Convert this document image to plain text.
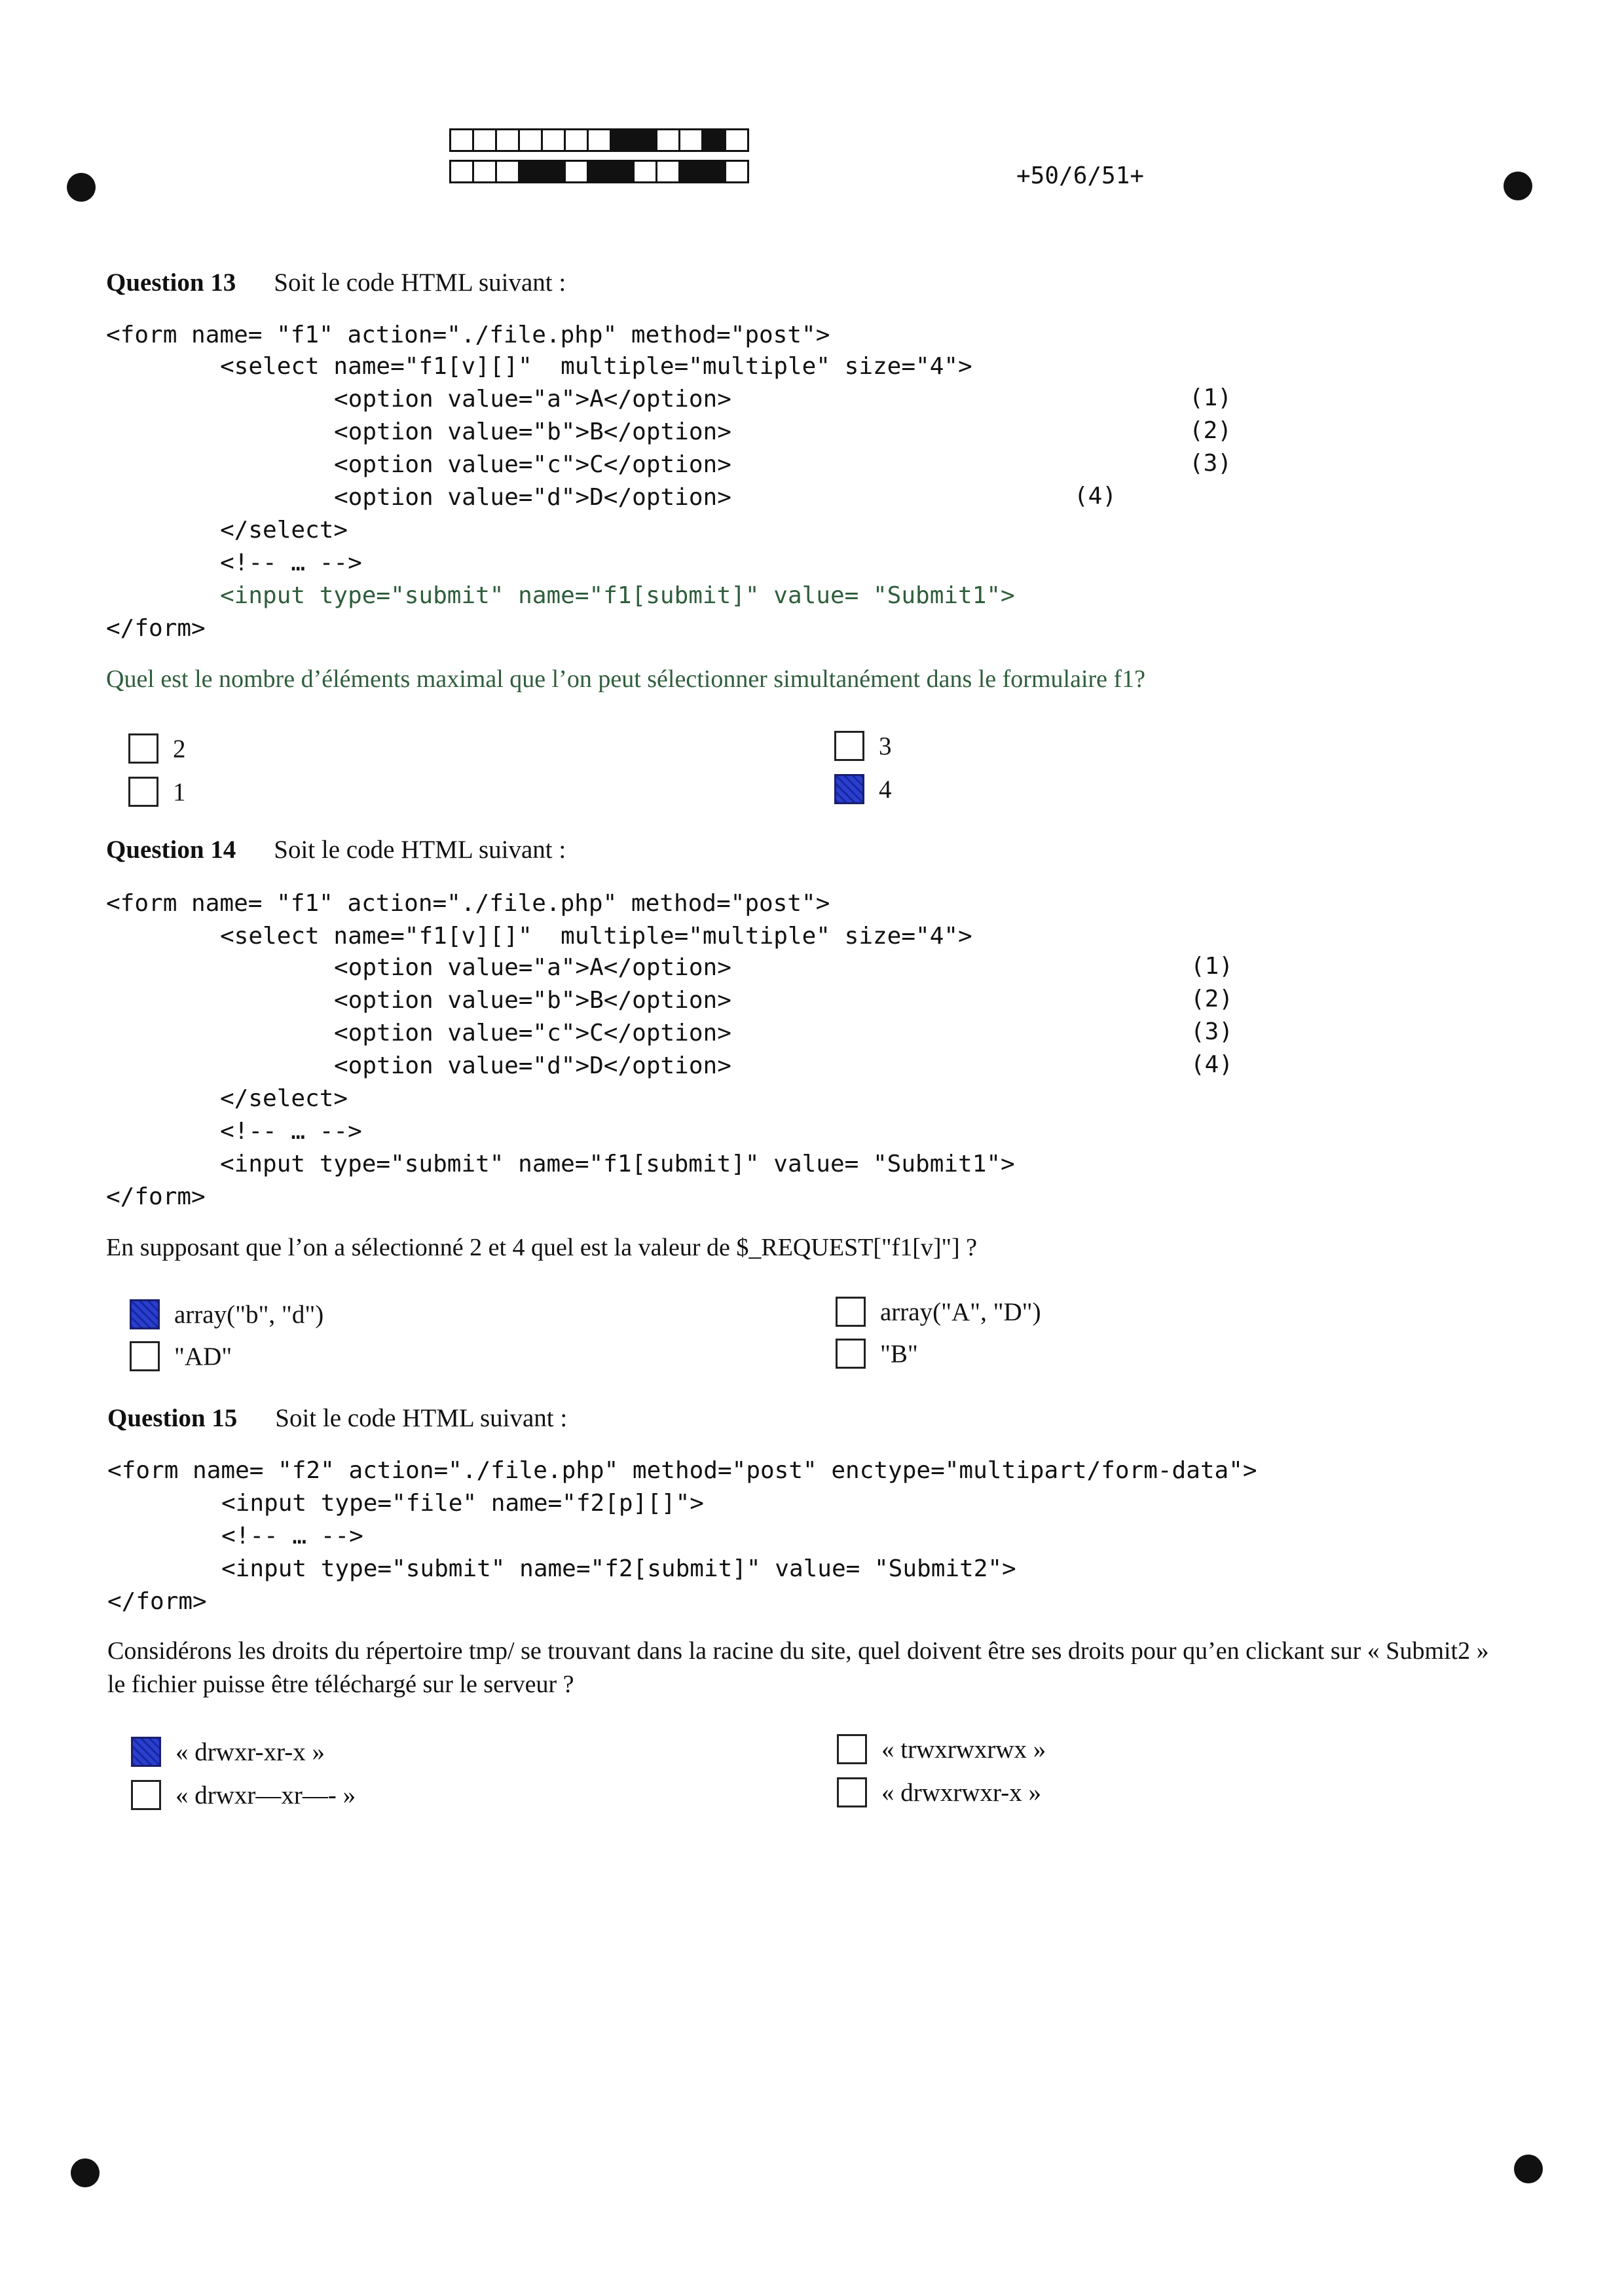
+50/6/51+
Question 13 Soit le code HTML suivant :
<form name= "f1" action="./file.php" method="post">
<select name="f1[v][]"  multiple="multiple" size="4">
<option value="a">A</option>
<option value="b">B</option>
<option value="c">C</option>
<option value="d">D</option>
</select>
<!-- … -->
<input type="submit" name="f1[submit]" value= "Submit1">
</form>
(1)
(2)
(3)
(4)
Quel est le nombre d’éléments maximal que l’on peut sélectionner simultanément dans le formulaire f1?
2
1
3
4
Question 14 Soit le code HTML suivant :
<form name= "f1" action="./file.php" method="post">
<select name="f1[v][]"  multiple="multiple" size="4">
<option value="a">A</option>
<option value="b">B</option>
<option value="c">C</option>
<option value="d">D</option>
</select>
<!-- … -->
<input type="submit" name="f1[submit]" value= "Submit1">
</form>
(1)
(2)
(3)
(4)
En supposant que l’on a sélectionné 2 et 4 quel est la valeur de $_REQUEST["f1[v]"] ?
array("b", "d")
"AD"
array("A", "D")
"B"
Question 15 Soit le code HTML suivant :
<form name= "f2" action="./file.php" method="post" enctype="multipart/form-data">
<input type="file" name="f2[p][]">
<!-- … -->
<input type="submit" name="f2[submit]" value= "Submit2">
</form>
Considérons les droits du répertoire tmp/ se trouvant dans la racine du site, quel doivent être ses droits pour qu’en clickant sur « Submit2 » le fichier puisse être téléchargé sur le serveur ?
« drwxr-xr-x »
« drwxr—xr—- »
« trwxrwxrwx »
« drwxrwxr-x »
